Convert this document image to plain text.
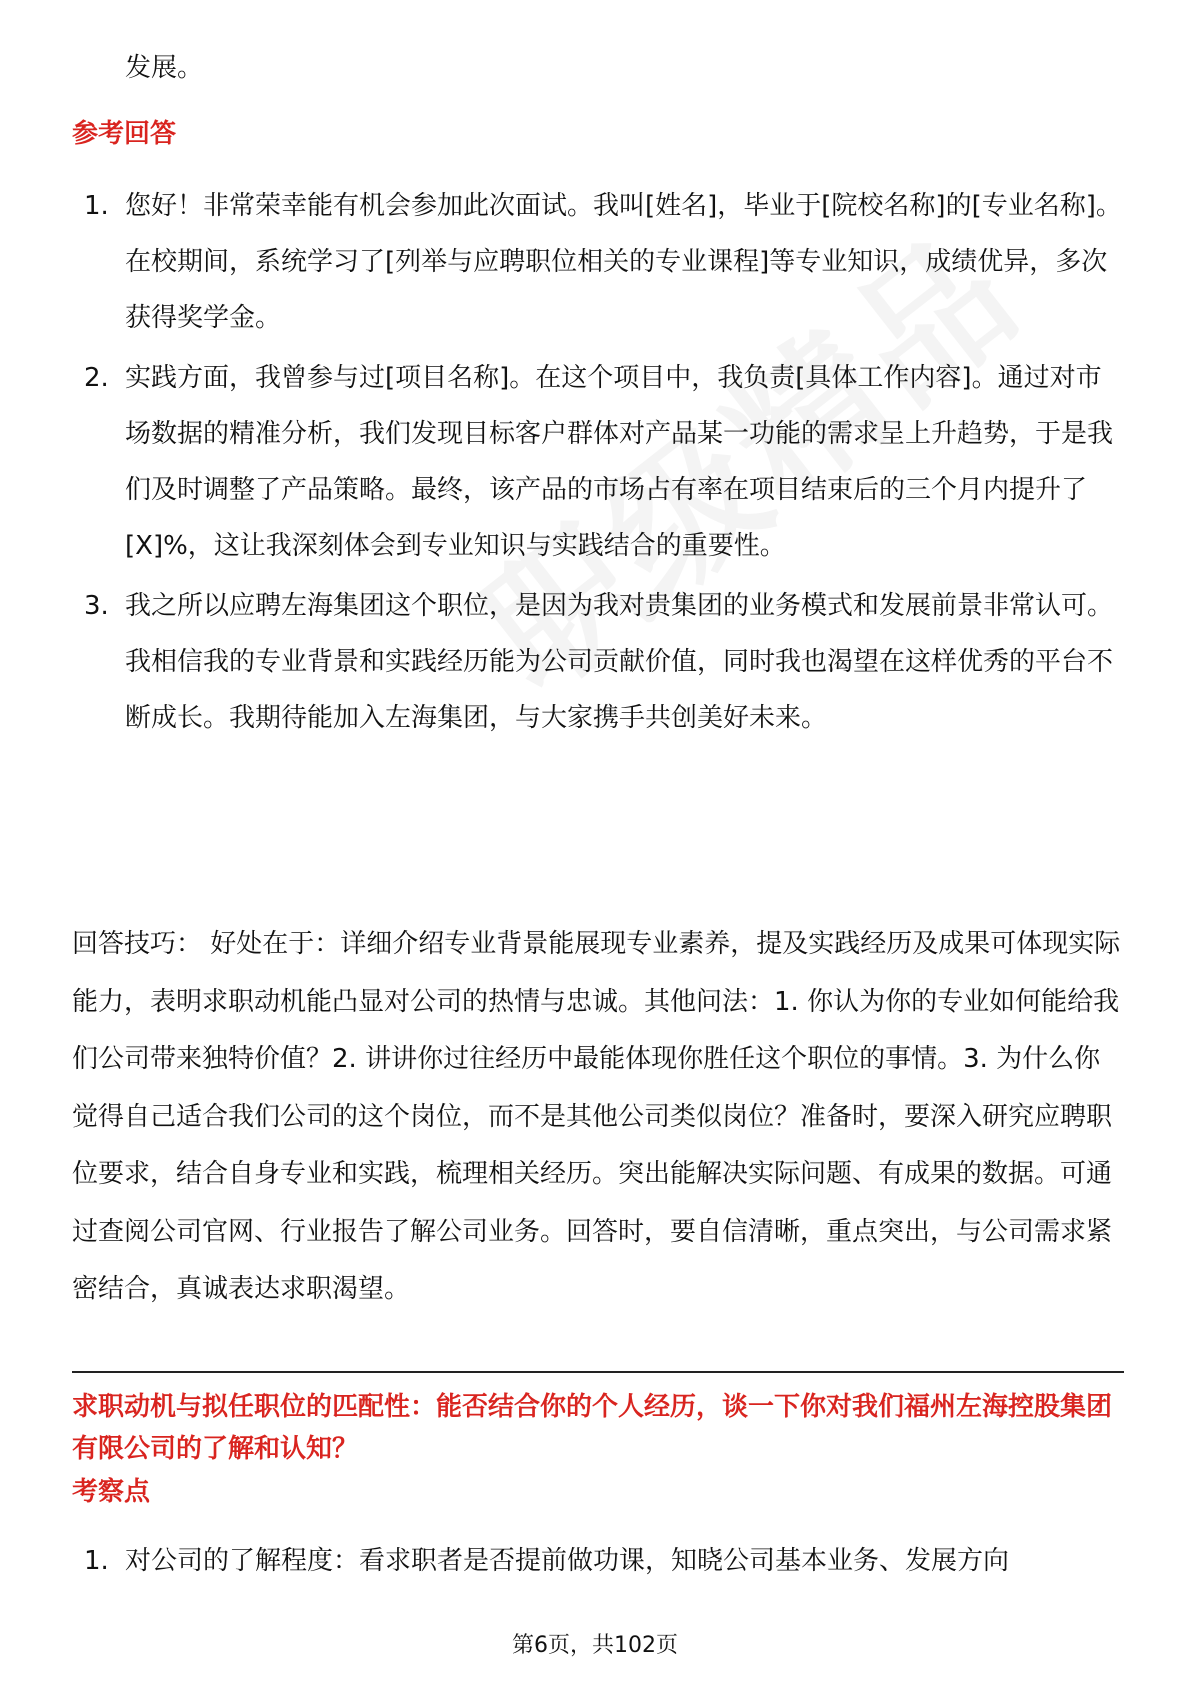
发展。
参考回答
1. 您好！非常荣幸能有机会参加此次面试。我叫[姓名]，毕业于[院校名称]的[专业名称]。在校期间，系统学习了[列举与应聘职位相关的专业课程]等专业知识，成绩优异，多次获得奖学金。
2. 实践方面，我曾参与过[项目名称]。在这个项目中，我负责[具体工作内容]。通过对市场数据的精准分析，我们发现目标客户群体对产品某一功能的需求呈上升趋势，于是我们及时调整了产品策略。最终，该产品的市场占有率在项目结束后的三个月内提升了[X]%，这让我深刻体会到专业知识与实践结合的重要性。
3. 我之所以应聘左海集团这个职位，是因为我对贵集团的业务模式和发展前景非常认可。我相信我的专业背景和实践经历能为公司贡献价值，同时我也渴望在这样优秀的平台不断成长。我期待能加入左海集团，与大家携手共创美好未来。

回答技巧： 好处在于：详细介绍专业背景能展现专业素养，提及实践经历及成果可体现实际能力，表明求职动机能凸显对公司的热情与忠诚。其他问法：1. 你认为你的专业如何能给我们公司带来独特价值？2. 讲讲你过往经历中最能体现你胜任这个职位的事情。3. 为什么你觉得自己适合我们公司的这个岗位，而不是其他公司类似岗位？准备时，要深入研究应聘职位要求，结合自身专业和实践，梳理相关经历。突出能解决实际问题、有成果的数据。可通过查阅公司官网、行业报告了解公司业务。回答时，要自信清晰，重点突出，与公司需求紧密结合，真诚表达求职渴望。

求职动机与拟任职位的匹配性：能否结合你的个人经历，谈一下你对我们福州左海控股集团有限公司的了解和认知？

考察点
1. 对公司的了解程度：看求职者是否提前做功课，知晓公司基本业务、发展方向
第6页，共102页
